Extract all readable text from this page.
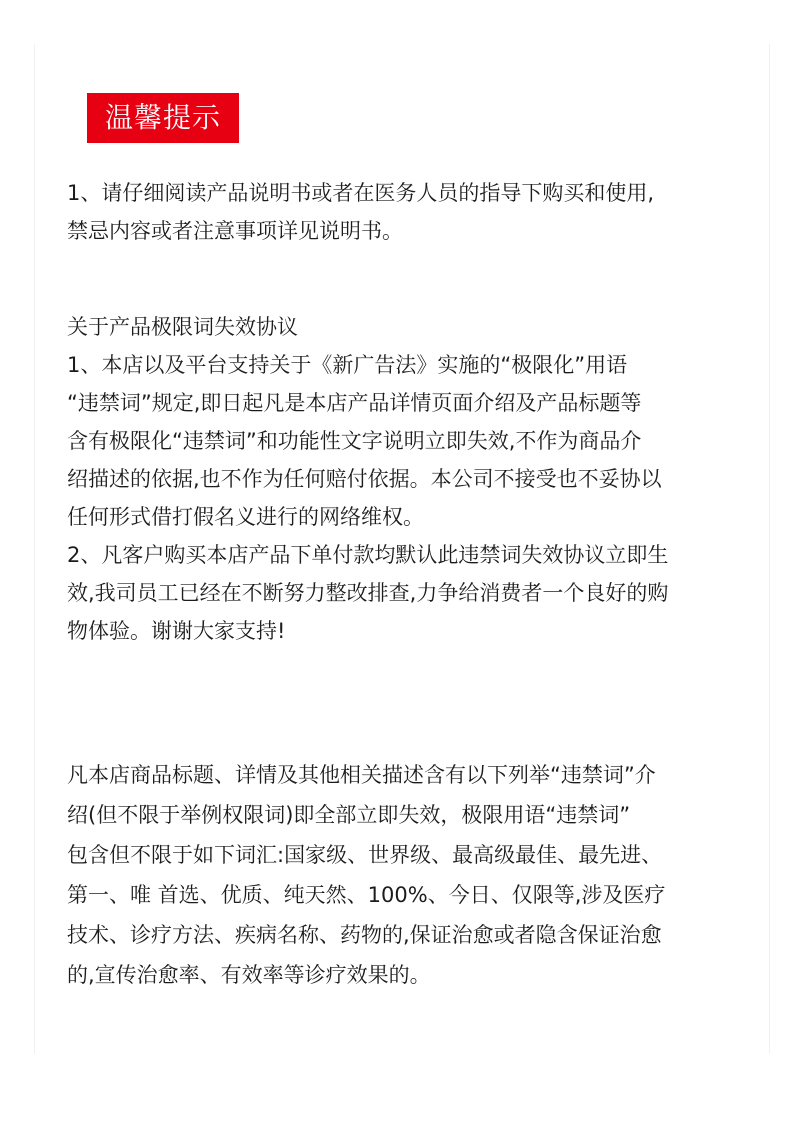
温馨提示
1、请仔细阅读产品说明书或者在医务人员的指导下购买和使用,
禁忌内容或者注意事项详见说明书。
关于产品极限词失效协议
1、本店以及平台支持关于《新广告法》实施的“极限化”用语
“违禁词”规定,即日起凡是本店产品详情页面介绍及产品标题等
含有极限化“违禁词”和功能性文字说明立即失效,不作为商品介
绍描述的依据,也不作为任何赔付依据。本公司不接受也不妥协以
任何形式借打假名义进行的网络维权。
2、凡客户购买本店产品下单付款均默认此违禁词失效协议立即生
效,我司员工已经在不断努力整改排查,力争给消费者一个良好的购
物体验。谢谢大家支持!
凡本店商品标题、详情及其他相关描述含有以下列举“违禁词”介
绍(但不限于举例权限词)即全部立即失效，极限用语“违禁词”
包含但不限于如下词汇:国家级、世界级、最高级最佳、最先进、
第一、唯 首选、优质、纯天然、100%、今日、仅限等,涉及医疗
技术、诊疗方法、疾病名称、药物的,保证治愈或者隐含保证治愈
的,宣传治愈率、有效率等诊疗效果的。
